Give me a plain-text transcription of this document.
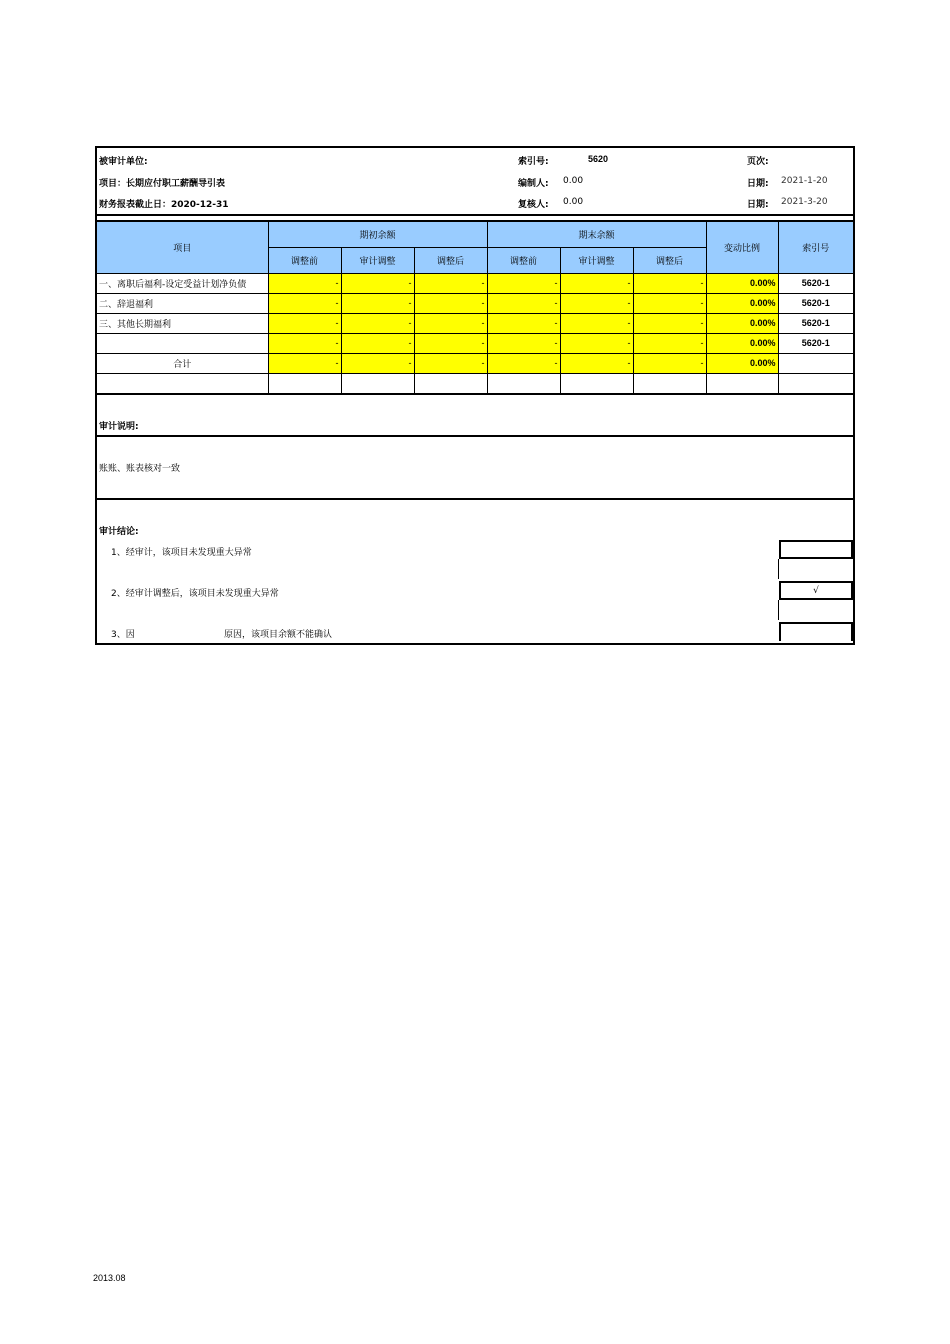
被审计单位:	索引号:	5620	页次:
项目：长期应付职工薪酬导引表	编制人: 0.00	日期: 2021-1-20
财务报表截止日：2020-12-31	复核人: 0.00	日期: 2021-3-20
项目	期初余额			期末余额			变动比例	索引号
	调整前	审计调整	调整后	调整前	审计调整	调整后		
一、离职后福利-设定受益计划净负债	-	-	-	-	-	-	0.00%	5620-1
二、辞退福利	-	-	-	-	-	-	0.00%	5620-1
三、其他长期福利	-	-	-	-	-	-	0.00%	5620-1
	-	-	-	-	-	-	0.00%	5620-1
合计	-	-	-	-	-	-	0.00%	

审计说明:
账账、账表核对一致
审计结论:
1、经审计，该项目未发现重大异常
2、经审计调整后，该项目未发现重大异常	√
3、因	原因，该项目余额不能确认
2013.08
